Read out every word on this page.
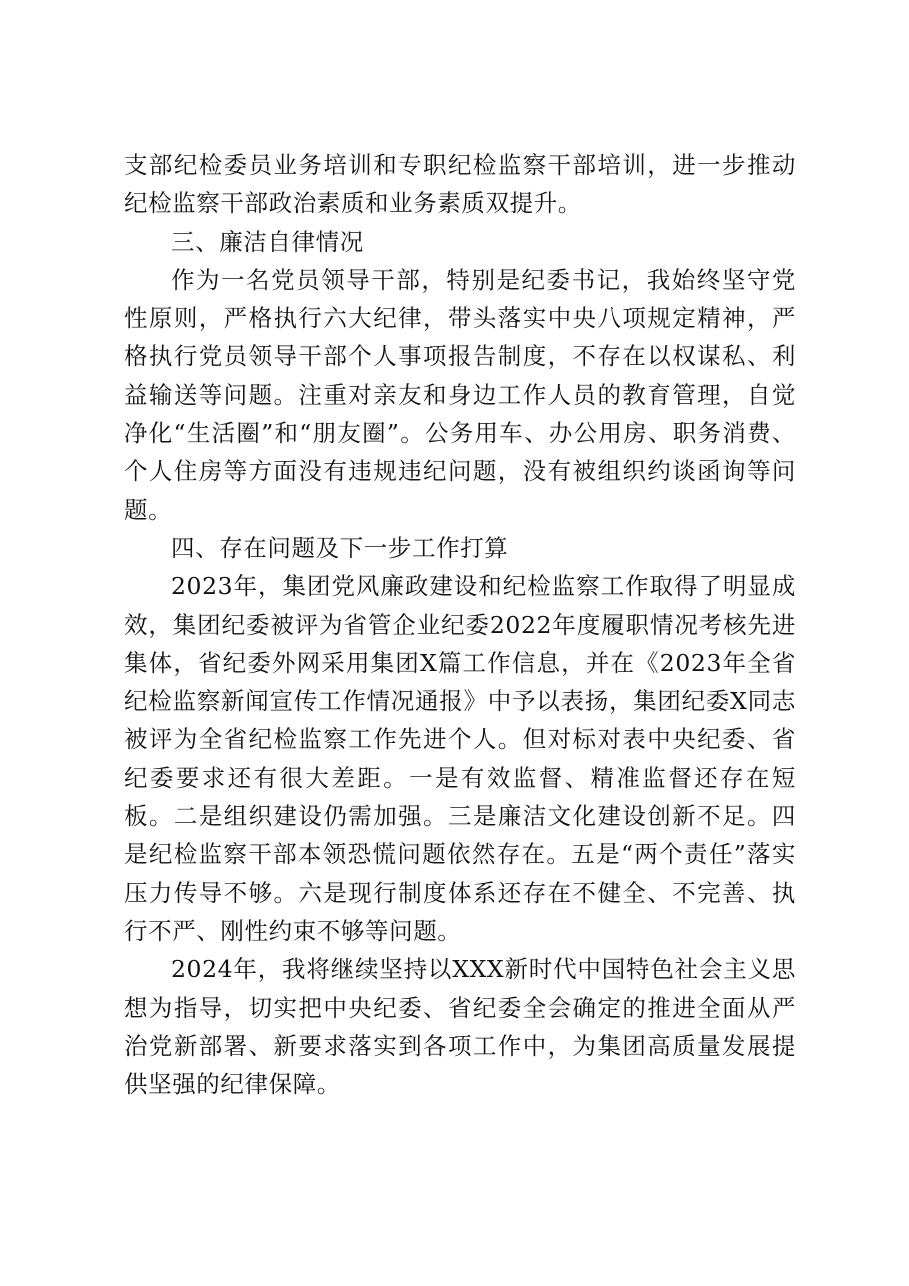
支部纪检委员业务培训和专职纪检监察干部培训，进一步推动纪检监察干部政治素质和业务素质双提升。

三、廉洁自律情况

作为一名党员领导干部，特别是纪委书记，我始终坚守党性原则，严格执行六大纪律，带头落实中央八项规定精神，严格执行党员领导干部个人事项报告制度，不存在以权谋私、利益输送等问题。注重对亲友和身边工作人员的教育管理，自觉净化“生活圈”和“朋友圈”。公务用车、办公用房、职务消费、个人住房等方面没有违规违纪问题，没有被组织约谈函询等问题。

四、存在问题及下一步工作打算

2023年，集团党风廉政建设和纪检监察工作取得了明显成效，集团纪委被评为省管企业纪委2022年度履职情况考核先进集体，省纪委外网采用集团X篇工作信息，并在《2023年全省纪检监察新闻宣传工作情况通报》中予以表扬，集团纪委X同志被评为全省纪检监察工作先进个人。但对标对表中央纪委、省纪委要求还有很大差距。一是有效监督、精准监督还存在短板。二是组织建设仍需加强。三是廉洁文化建设创新不足。四是纪检监察干部本领恐慌问题依然存在。五是“两个责任”落实压力传导不够。六是现行制度体系还存在不健全、不完善、执行不严、刚性约束不够等问题。

2024年，我将继续坚持以XXX新时代中国特色社会主义思想为指导，切实把中央纪委、省纪委全会确定的推进全面从严治党新部署、新要求落实到各项工作中，为集团高质量发展提供坚强的纪律保障。
